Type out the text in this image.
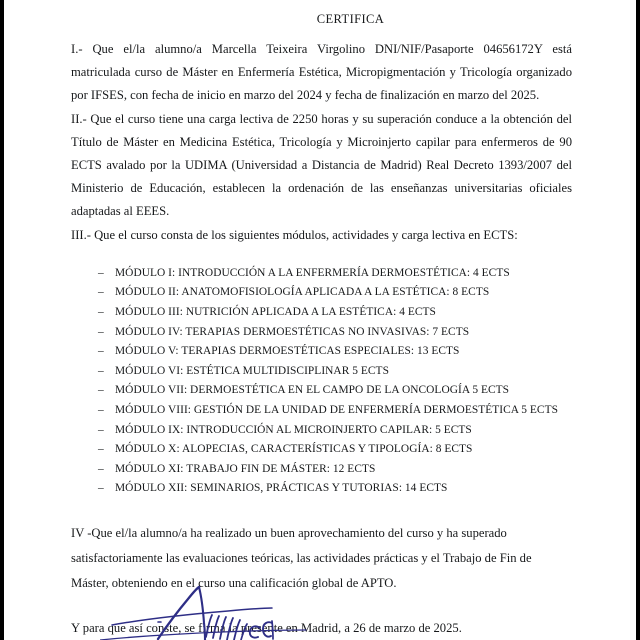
CERTIFICA

I.- Que el/la alumno/a Marcella Teixeira Virgolino DNI/NIF/Pasaporte 04656172Y está matriculada curso de Máster en Enfermería Estética, Micropigmentación y Tricología organizado por IFSES, con fecha de inicio en marzo del 2024 y fecha de finalización en marzo del 2025.

II.- Que el curso tiene una carga lectiva de 2250 horas y su superación conduce a la obtención del Título de Máster en Medicina Estética, Tricología y Microinjerto capilar para enfermeros de 90 ECTS avalado por la UDIMA (Universidad a Distancia de Madrid) Real Decreto 1393/2007 del Ministerio de Educación, establecen la ordenación de las enseñanzas universitarias oficiales adaptadas al EEES.

III.- Que el curso consta de los siguientes módulos, actividades y carga lectiva en ECTS:

– MÓDULO I: INTRODUCCIÓN A LA ENFERMERÍA DERMOESTÉTICA: 4 ECTS
– MÓDULO II: ANATOMOFISIOLOGÍA APLICADA A LA ESTÉTICA: 8 ECTS
– MÓDULO III: NUTRICIÓN APLICADA A LA ESTÉTICA: 4 ECTS
– MÓDULO IV: TERAPIAS DERMOESTÉTICAS NO INVASIVAS: 7 ECTS
– MÓDULO V: TERAPIAS DERMOESTÉTICAS ESPECIALES: 13 ECTS
– MÓDULO VI: ESTÉTICA MULTIDISCIPLINAR 5 ECTS
– MÓDULO VII: DERMOESTÉTICA EN EL CAMPO DE LA ONCOLOGÍA 5 ECTS
– MÓDULO VIII: GESTIÓN DE LA UNIDAD DE ENFERMERÍA DERMOESTÉTICA 5 ECTS
– MÓDULO IX: INTRODUCCIÓN AL MICROINJERTO CAPILAR: 5 ECTS
– MÓDULO X: ALOPECIAS, CARACTERÍSTICAS Y TIPOLOGÍA: 8 ECTS
– MÓDULO XI: TRABAJO FIN DE MÁSTER: 12 ECTS
– MÓDULO XII: SEMINARIOS, PRÁCTICAS Y TUTORIAS: 14 ECTS

IV -Que el/la alumno/a ha realizado un buen aprovechamiento del curso y ha superado satisfactoriamente las evaluaciones teóricas, las actividades prácticas y el Trabajo de Fin de Máster, obteniendo en el curso una calificación global de APTO.

Y para que así conste, se firma la presente en Madrid, a 26 de marzo de 2025.
